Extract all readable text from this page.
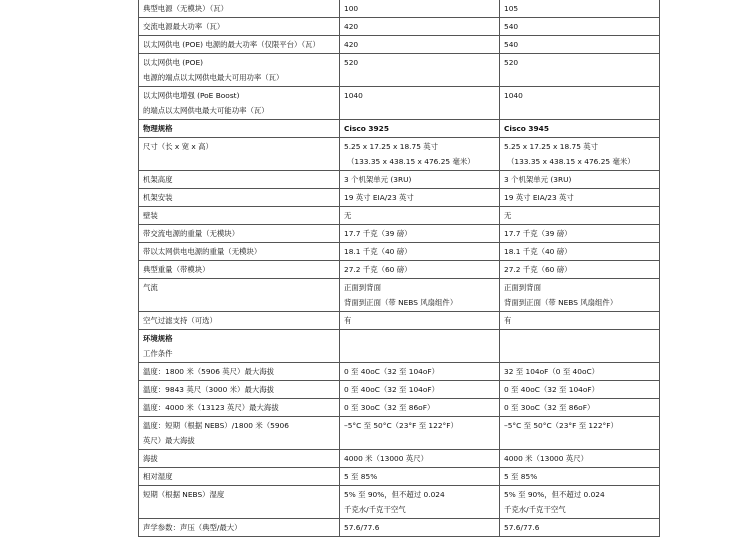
典型电源（无模块）（瓦）	100	105

交流电源最大功率（瓦）	420	540

以太网供电 (POE) 电源的最大功率（仅限平台）（瓦）	420	540

以太网供电 (POE)
电源的端点以太网供电最大可用功率（瓦）	520	520

以太网供电增强 (PoE Boost)
的端点以太网供电最大可能功率（瓦）	1040	1040

物理规格	Cisco 3925	Cisco 3945

尺寸（长 x 宽 x 高）	5.25 x 17.25 x 18.75 英寸
（133.35 x 438.15 x 476.25 毫米）	5.25 x 17.25 x 18.75 英寸
（133.35 x 438.15 x 476.25 毫米）

机架高度	3 个机架单元 (3RU)	3 个机架单元 (3RU)

机架安装	19 英寸 EIA/23 英寸	19 英寸 EIA/23 英寸

壁装	无	无

带交流电源的重量（无模块）	17.7 千克（39 磅）	17.7 千克（39 磅）

带以太网供电电源的重量（无模块）	18.1 千克（40 磅）	18.1 千克（40 磅）

典型重量（带模块）	27.2 千克（60 磅）	27.2 千克（60 磅）

气流	正面到背面
背面到正面（带 NEBS 风扇组件）	正面到背面
背面到正面（带 NEBS 风扇组件）

空气过滤支持（可选）	有	有

环境规格
工作条件		

温度：1800 米（5906 英尺）最大海拔	0 至 40oC（32 至 104oF）	32 至 104oF（0 至 40oC）

温度：9843 英尺（3000 米）最大海拔	0 至 40oC（32 至 104oF）	0 至 40oC（32 至 104oF）

温度：4000 米（13123 英尺）最大海拔	0 至 30oC（32 至 86oF）	0 至 30oC（32 至 86oF）

温度：短期（根据 NEBS）/1800 米（5906
英尺）最大海拔	–5°C 至 50°C（23°F 至 122°F）	–5°C 至 50°C（23°F 至 122°F）

海拔	4000 米（13000 英尺）	4000 米（13000 英尺）

相对湿度	5 至 85%	5 至 85%

短期（根据 NEBS）湿度	5% 至 90%，但不超过 0.024
千克水/千克干空气	5% 至 90%，但不超过 0.024
千克水/千克干空气

声学参数：声压（典型/最大）	57.6/77.6	57.6/77.6
